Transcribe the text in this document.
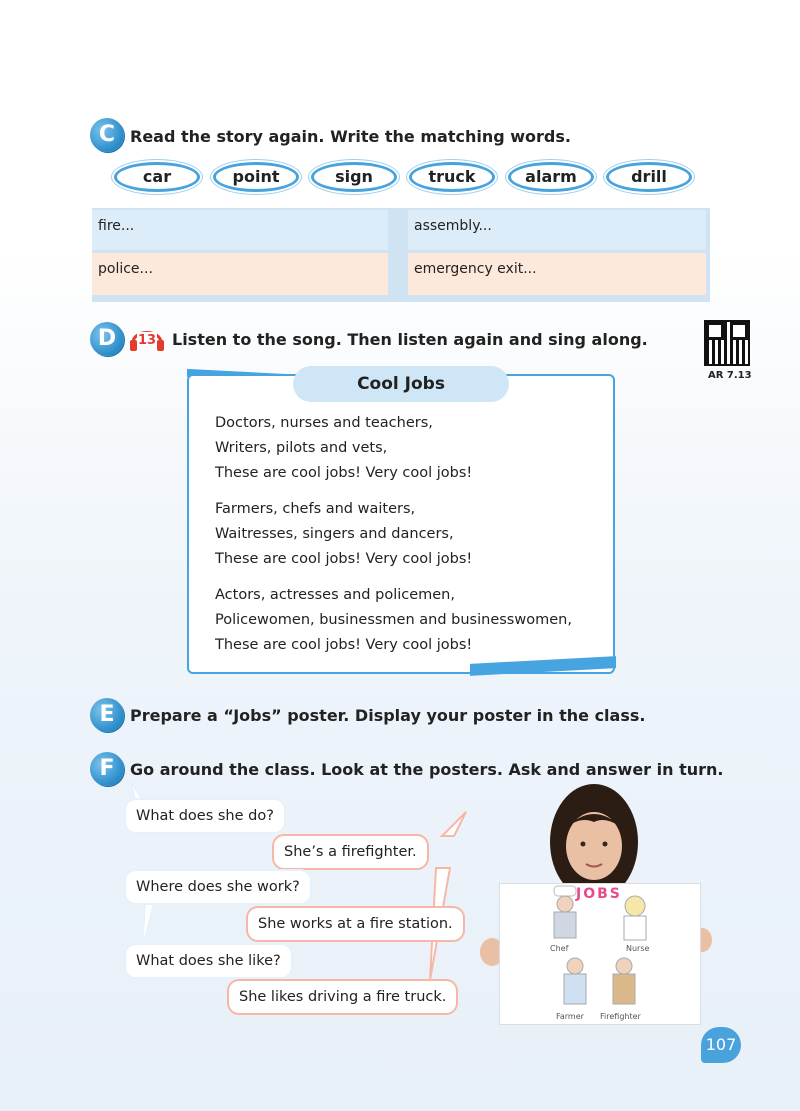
C Read the story again. Write the matching words.
car	point	sign	truck	alarm	drill
fire...	assembly...
police...	emergency exit...
D	13 Listen to the song. Then listen again and sing along.
AR 7.13
Cool Jobs
Doctors, nurses and teachers,
Writers, pilots and vets,
These are cool jobs! Very cool jobs!
Farmers, chefs and waiters,
Waitresses, singers and dancers,
These are cool jobs! Very cool jobs!
Actors, actresses and policemen,
Policewomen, businessmen and businesswomen,
These are cool jobs! Very cool jobs!
E Prepare a “Jobs” poster. Display your poster in the class.
F Go around the class. Look at the posters. Ask and answer in turn.
What does she do?
She’s a firefighter.
Where does she work?
She works at a fire station.
What does she like?
She likes driving a fire truck.
JOBS
Chef	Nurse
Farmer Firefighter
107
